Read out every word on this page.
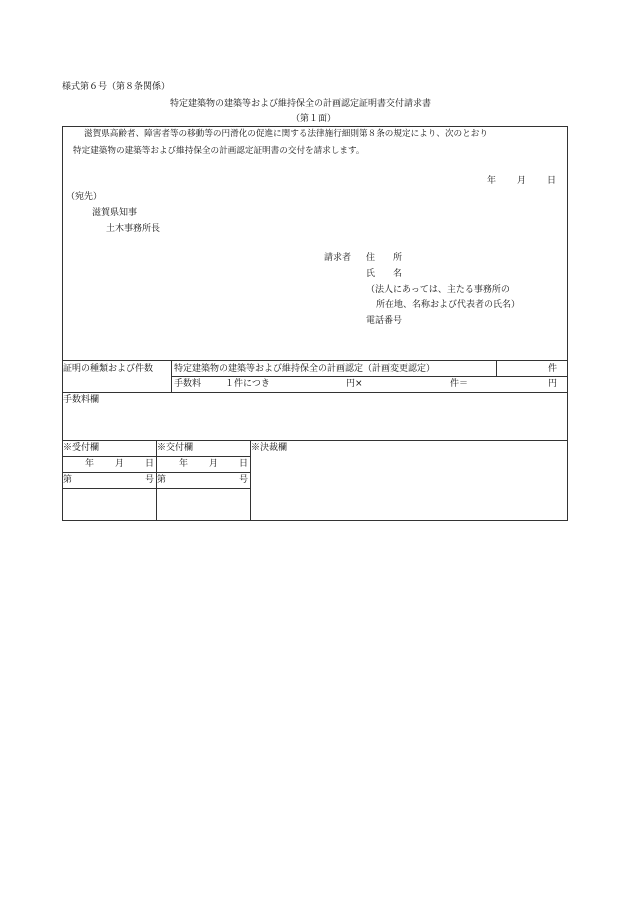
様式第６号（第８条関係）
特定建築物の建築等および維持保全の計画認定証明書交付請求書
（第１面）
滋賀県高齢者、障害者等の移動等の円滑化の促進に関する法律施行細則第８条の規定により、次のとおり
特定建築物の建築等および維持保全の計画認定証明書の交付を請求します。
年 月 日
（宛先）
滋賀県知事
土木事務所長
請求者 住　　所
氏　　名
（法人にあっては、主たる事務所の
所在地、名称および代表者の氏名）
電話番号
証明の種類および件数 特定建築物の建築等および維持保全の計画認定（計画変更認定）	件
手数料	１件につき	円×	件＝	円
手数料欄
※受付欄	※交付欄	※決裁欄
年 月 日	年 月 日
第	号 第	号
